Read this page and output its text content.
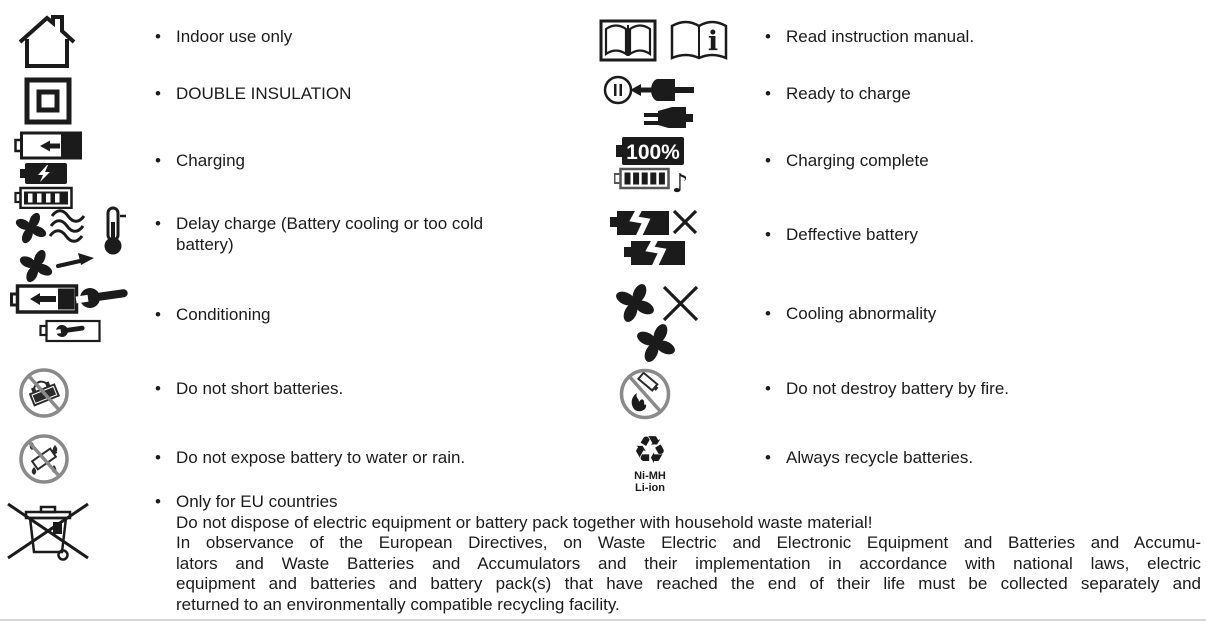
i
100%
♪
♻
Ni-MH
Li-ion
• Indoor use only
• DOUBLE INSULATION
• Charging
• Delay charge (Battery cooling or too cold battery)
• Conditioning
• Do not short batteries.
• Do not expose battery to water or rain.
• Read instruction manual.
• Ready to charge
• Charging complete
• Deffective battery
• Cooling abnormality
• Do not destroy battery by fire.
• Always recycle batteries.
• Only for EU countries
Do not dispose of electric equipment or battery pack together with household waste material!
In observance of the European Directives, on Waste Electric and Electronic Equipment and Batteries and Accumu-
lators and Waste Batteries and Accumulators and their implementation in accordance with national laws, electric
equipment and batteries and battery pack(s) that have reached the end of their life must be collected separately and
returned to an environmentally compatible recycling facility.
